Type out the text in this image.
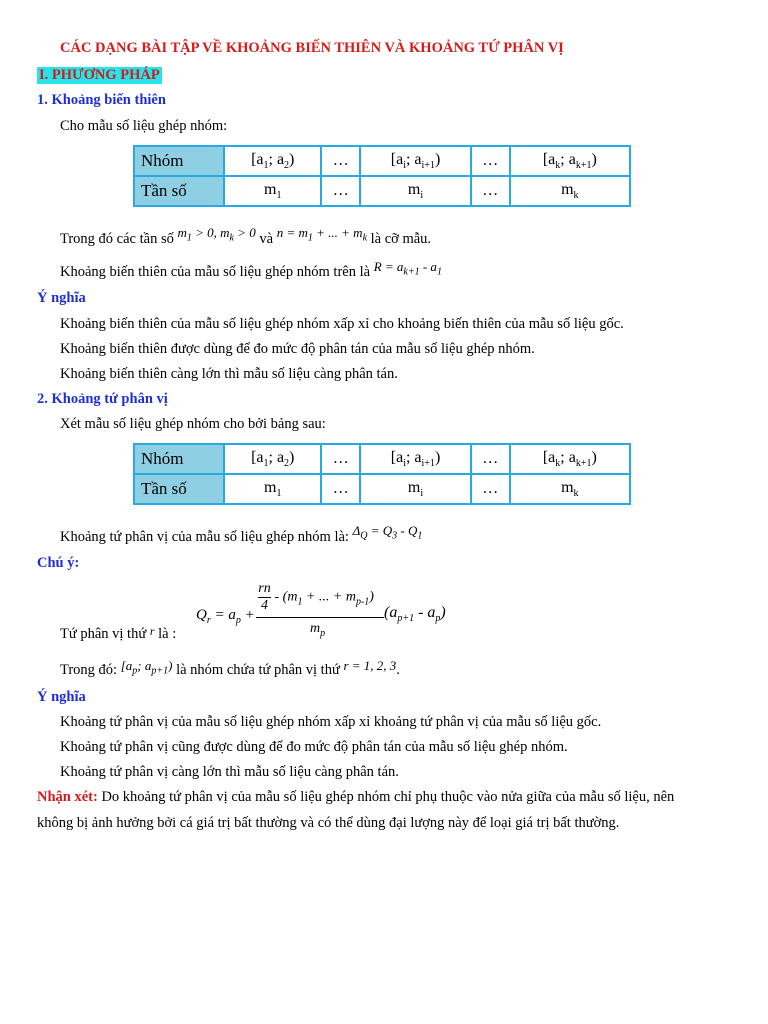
CÁC DẠNG BÀI TẬP VỀ KHOẢNG BIẾN THIÊN VÀ KHOẢNG TỨ PHÂN VỊ
I. PHƯƠNG PHÁP
1. Khoảng biến thiên
Cho mẫu số liệu ghép nhóm:
Nhóm	[$a_1$; $a_2$)	…	[$a_i$; $a_{i+1}$)	…	[$a_k$; $a_{k+1}$)
Tần số	$m_1$	…	$m_i$	…	$m_k$
Trong đó các tần số $m_1 > 0$, $m_k > 0$ và $n = m_1$ + ... + $m_k$ là cỡ mẫu.
Khoảng biến thiên của mẫu số liệu ghép nhóm trên là $R = a_{k+1} - a_1$
Ý nghĩa
Khoảng biến thiên của mẫu số liệu ghép nhóm xấp xỉ cho khoảng biến thiên của mẫu số liệu gốc.
Khoảng biến thiên được dùng để đo mức độ phân tán của mẫu số liệu ghép nhóm.
Khoảng biến thiên càng lớn thì mẫu số liệu càng phân tán.
2. Khoảng tứ phân vị
Xét mẫu số liệu ghép nhóm cho bởi bảng sau:
Nhóm	[$a_1$; $a_2$)	…	[$a_i$; $a_{i+1}$)	…	[$a_k$; $a_{k+1}$)
Tần số	$m_1$	…	$m_i$	…	$m_k$
Khoảng tứ phân vị của mẫu số liệu ghép nhóm là: $\Delta_Q = Q_3 - Q_1$
Chú ý:
Tứ phân vị thứ $^r$ là :
$Q_r = a_p$ +
rn
$4 - (m_1$ + ... + $m_{p-1}$)
$m_p$
$(a_{p+1} - a_p)$
Trong đó: [$a_p$; $a_{p+1}$) là nhóm chứa tứ phân vị thứ r = 1, 2, 3.
Ý nghĩa
Khoảng tứ phân vị của mẫu số liệu ghép nhóm xấp xỉ khoảng tứ phân vị của mẫu số liệu gốc.
Khoảng tứ phân vị cũng được dùng để đo mức độ phân tán của mẫu số liệu ghép nhóm.
Khoảng tứ phân vị càng lớn thì mẫu số liệu càng phân tán.
Nhận xét: Do khoảng tứ phân vị của mẫu số liệu ghép nhóm chỉ phụ thuộc vào nửa giữa của mẫu số liệu, nên
không bị ảnh hưởng bởi cá giá trị bất thường và có thể dùng đại lượng này để loại giá trị bất thường.
